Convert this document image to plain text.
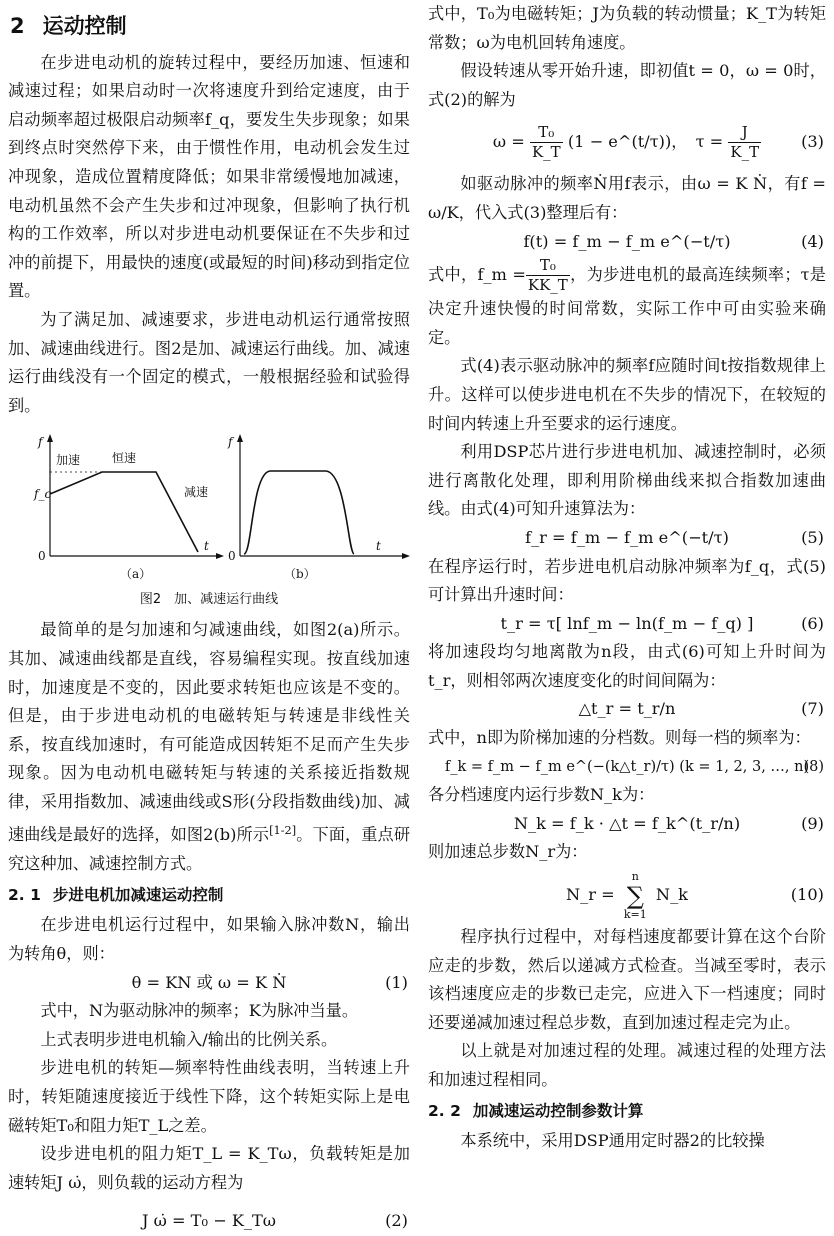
2 运动控制

在步进电动机的旋转过程中，要经历加速、恒速和减速过程；如果启动时一次将速度升到给定速度，由于启动频率超过极限启动频率f_q，要发生失步现象；如果到终点时突然停下来，由于惯性作用，电动机会发生过冲现象，造成位置精度降低；如果非常缓慢地加减速，电动机虽然不会产生失步和过冲现象，但影响了执行机构的工作效率，所以对步进电动机要保证在不失步和过冲的前提下，用最快的速度(或最短的时间)移动到指定位置。

为了满足加、减速要求，步进电动机运行通常按照加、减速曲线进行。图2是加、减速运行曲线。加、减速运行曲线没有一个固定的模式，一般根据经验和试验得到。

f
0
f_c
加速	恒速
减速
t
（a）
f
0
t
（b）
图2　加、减速运行曲线

最简单的是匀加速和匀减速曲线，如图2(a)所示。其加、减速曲线都是直线，容易编程实现。按直线加速时，加速度是不变的，因此要求转矩也应该是不变的。但是，由于步进电动机的电磁转矩与转速是非线性关系，按直线加速时，有可能造成因转矩不足而产生失步现象。因为电动机电磁转矩与转速的关系接近指数规律，采用指数加、减速曲线或S形(分段指数曲线)加、减速曲线是最好的选择，如图2(b)所示[1-2]。下面，重点研究这种加、减速控制方式。

2. 1 步进电机加减速运动控制

在步进电机运行过程中，如果输入脉冲数N，输出为转角θ，则：

θ = KN 或 ω = K Ṅ	(1)

式中，N为驱动脉冲的频率；K为脉冲当量。

上式表明步进电机输入/输出的比例关系。

步进电机的转矩—频率特性曲线表明，当转速上升时，转矩随速度接近于线性下降，这个转矩实际上是电磁转矩T₀和阻力矩T_L之差。

设步进电机的阻力矩T_L = K_Tω，负载转矩是加速转矩J ω̇，则负载的运动方程为

J ω̇ = T₀ − K_Tω	(2)

式中，T₀为电磁转矩；J为负载的转动惯量；K_T为转矩常数；ω为电机回转角速度。

假设转速从零开始升速，即初值t = 0，ω = 0时，式(2)的解为

$\omega = \frac{\text{T₀}}{K\_T} (1$ − e^(t/τ))，　$\tau = \frac{J}{K\_T} (3)$

如驱动脉冲的频率Ṅ用f表示，由ω = K Ṅ，有f = ω/K，代入式(3)整理后有：

f(t) = f_m − f_m e^(−t/τ)	(4)

式中，f_m = $\frac{\text{T₀}}{KK\_T}$ ，为步进电机的最高连续频率；τ是决定升速快慢的时间常数，实际工作中可由实验来确定。

式(4)表示驱动脉冲的频率f应随时间t按指数规律上升。这样可以使步进电机在不失步的情况下，在较短的时间内转速上升至要求的运行速度。

利用DSP芯片进行步进电机加、减速控制时，必须进行离散化处理，即利用阶梯曲线来拟合指数加速曲线。由式(4)可知升速算法为：

f_r = f_m − f_m e^(−t/τ)	(5)

在程序运行时，若步进电机启动脉冲频率为f_q，式(5)可计算出升速时间：

t_r = τ[ lnf_m − ln(f_m − f_q) ]	(6)

将加速段均匀地离散为n段，由式(6)可知上升时间为t_r，则相邻两次速度变化的时间间隔为：

△t_r = t_r/n	(7)

式中，n即为阶梯加速的分档数。则每一档的频率为：

f_k = f_m − f_m e^(−(k△t_r)/τ) (k = 1, 2, 3, …, n)
(8)

各分档速度内运行步数N_k为：

N_k = f_k · △t = f_k^(t_r/n)	(9)

则加速总步数N_r为：

N_r = n
∑
k=1 N_k	(10)

程序执行过程中，对每档速度都要计算在这个台阶应走的步数，然后以递减方式检查。当减至零时，表示该档速度应走的步数已走完，应进入下一档速度；同时还要递减加速过程总步数，直到加速过程走完为止。

以上就是对加速过程的处理。减速过程的处理方法和加速过程相同。

2. 2 加减速运动控制参数计算

本系统中，采用DSP通用定时器2的比较操
